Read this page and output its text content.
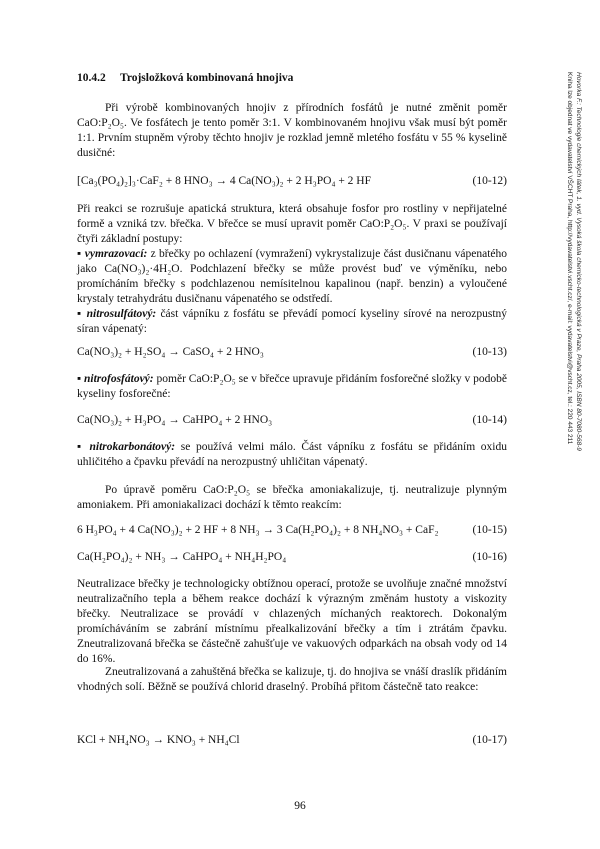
10.4.2 Trojsložková kombinovaná hnojiva
Při výrobě kombinovaných hnojiv z přírodních fosfátů je nutné změnit poměr CaO:P₂O₅. Ve fosfátech je tento poměr 3:1. V kombinovaném hnojivu však musí být poměr 1:1. Prvním stupněm výroby těchto hnojiv je rozklad jemně mletého fosfátu v 55 % kyselině dusičné:
[Ca₃(PO₄)₂]₃·CaF₂ + 8 HNO₃ → 4 Ca(NO₃)₂ + 2 H₃PO₄ + 2 HF	(10-12)
Při reakci se rozrušuje apatická struktura, která obsahuje fosfor pro rostliny v nepřijatelné formě a vzniká tzv. břečka. V břečce se musí upravit poměr CaO:P₂O₅. V praxi se používají čtyři základní postupy:
▪ vymrazovací: z břečky po ochlazení (vymražení) vykrystalizuje část dusičnanu vápenatého jako Ca(NO₃)₂·4H₂O. Podchlazení břečky se může provést buď ve výměníku, nebo promícháním břečky s podchlazenou nemísitelnou kapalinou (např. benzin) a vyloučené krystaly tetrahydrátu dusičnanu vápenatého se odstředí.
▪ nitrosulfátový: část vápníku z fosfátu se převádí pomocí kyseliny sírové na nerozpustný síran vápenatý:
Ca(NO₃)₂ + H₂SO₄ → CaSO₄ + 2 HNO₃	(10-13)
▪ nitrofosfátový: poměr CaO:P₂O₅ se v břečce upravuje přidáním fosforečné složky v podobě kyseliny fosforečné:
Ca(NO₃)₂ + H₃PO₄ → CaHPO₄ + 2 HNO₃	(10-14)
▪ nitrokarbonátový: se používá velmi málo. Část vápníku z fosfátu se přidáním oxidu uhličitého a čpavku převádí na nerozpustný uhličitan vápenatý.
Po úpravě poměru CaO:P₂O₅ se břečka amoniakalizuje, tj. neutralizuje plynným amoniakem. Při amoniakalizaci dochází k těmto reakcím:
6 H₃PO₄ + 4 Ca(NO₃)₂ + 2 HF + 8 NH₃ → 3 Ca(H₂PO₄)₂ + 8 NH₄NO₃ + CaF₂	(10-15)
Ca(H₂PO₄)₂ + NH₃ → CaHPO₄ + NH₄H₂PO₄	(10-16)
Neutralizace břečky je technologicky obtížnou operací, protože se uvolňuje značné množství neutralizačního tepla a během reakce dochází k výrazným změnám hustoty a viskozity břečky. Neutralizace se provádí v chlazených míchaných reaktorech. Dokonalým promícháváním se zabrání místnímu přealkalizování břečky a tím i ztrátám čpavku. Zneutralizovaná břečka se částečně zahušťuje ve vakuových odparkách na obsah vody od 14 do 16%.
Zneutralizovaná a zahuštěná břečka se kalizuje, tj. do hnojiva se vnáší draslík přidáním vhodných solí. Běžně se používá chlorid draselný. Probíhá přitom částečně tato reakce:
KCl + NH₄NO₃ → KNO₃ + NH₄Cl	(10-17)
Hovorka F.: Technologie chemických látek, 1. vyd. Vysoká škola chemicko-technologická v Praze, Praha 2005, ISBN 80-7080-568-9
Kniha lze objednat ve vydavatelství VŠCHT Praha, http://vydavatelstvi.vscht.cz/, e-mail: vydavatelstvi@vscht.cz, tel.: 220 443 211
96
